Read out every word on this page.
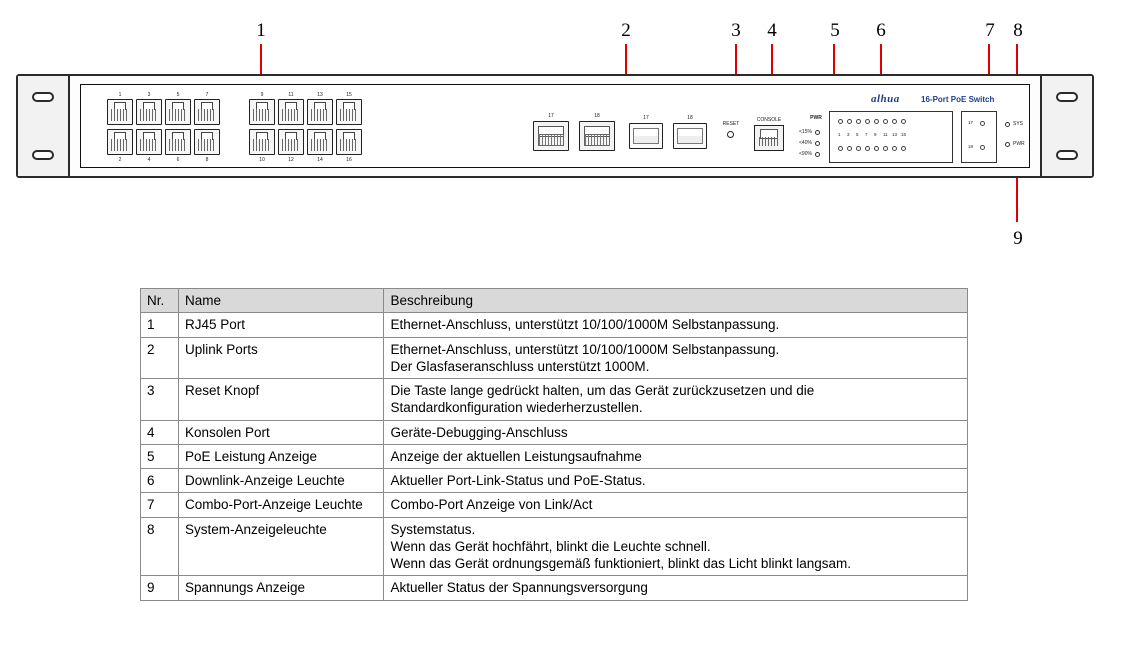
1	2	3	4	5	6	7 8
9
1	3	5	7
2	4	6	8
9	11	13	15
10	12	14	16
17	18	17	18
RESET
CONSOLE	PWR
<15%
<40%
<90%
1 3 5 7 9 11 13 15
17
18
SYS
PWR
alhua	16-Port PoE Switch
Nr.	Name	Beschreibung
1	RJ45 Port	Ethernet-Anschluss, unterstützt 10/100/1000M Selbstanpassung.

2	Uplink Ports	Ethernet-Anschluss, unterstützt 10/100/1000M Selbstanpassung.
Der Glasfaseranschluss unterstützt 1000M.

3	Reset Knopf	Die Taste lange gedrückt halten, um das Gerät zurückzusetzen und die
Standardkonfiguration wiederherzustellen.

4	Konsolen Port	Geräte-Debugging-Anschluss

5	PoE Leistung Anzeige	Anzeige der aktuellen Leistungsaufnahme

6	Downlink-Anzeige Leuchte	Aktueller Port-Link-Status und PoE-Status.

7	Combo-Port-Anzeige Leuchte	Combo-Port Anzeige von Link/Act

8	System-Anzeigeleuchte	Systemstatus.
Wenn das Gerät hochfährt, blinkt die Leuchte schnell.
Wenn das Gerät ordnungsgemäß funktioniert, blinkt das Licht blinkt langsam.

9	Spannungs Anzeige	Aktueller Status der Spannungsversorgung
